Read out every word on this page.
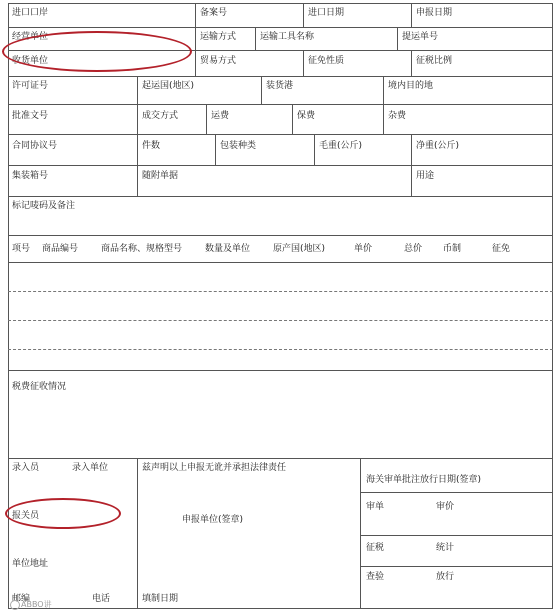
进口口岸	备案号	进口日期	申报日期
经营单位	运输方式	运输工具名称	提运单号
收货单位	贸易方式	征免性质	征税比例
许可证号	起运国(地区)	装货港	境内目的地
批准文号	成交方式	运费	保费	杂费
合同协议号	件数	包装种类	毛重(公斤)	净重(公斤)
集装箱号	随附单据	用途
标记唛码及备注
项号 商品编号	商品名称、规格型号	数量及单位	原产国(地区)	单价	总价 币制	征免
税费征收情况
录入员	录入单位	兹声明以上申报无讹并承担法律责任
海关审单批注放行日期(签章)
报关员	申报单位(签章)
审单	审价
征税	统计
单位地址
查验	放行
邮编	电话	填制日期
ABBO讲
